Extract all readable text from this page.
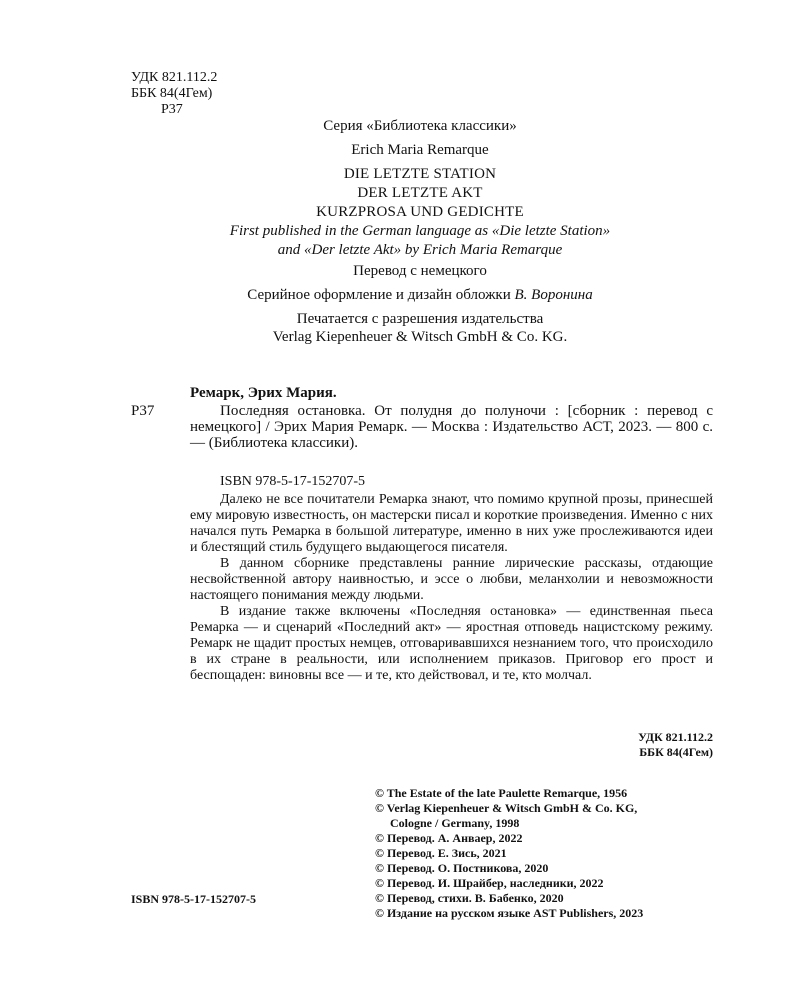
УДК 821.112.2
ББК 84(4Гем)
Р37
Серия «Библиотека классики»
Erich Maria Remarque
DIE LETZTE STATION
DER LETZTE AKT
KURZPROSA UND GEDICHTE
First published in the German language as «Die letzte Station»
and «Der letzte Akt» by Erich Maria Remarque
Перевод с немецкого
Серийное оформление и дизайн обложки В. Воронина
Печатается с разрешения издательства
Verlag Kiepenheuer & Witsch GmbH & Co. KG.
Ремарк, Эрих Мария.
Р37	Последняя остановка. От полудня до полуночи : [сборник : перевод с немецкого] / Эрих Мария Ремарк. — Москва : Издательство АСТ, 2023. — 800 с. — (Библиотека классики).
ISBN 978-5-17-152707-5

Далеко не все почитатели Ремарка знают, что помимо крупной прозы, принесшей ему мировую известность, он мастерски писал и короткие произведения. Именно с них начался путь Ремарка в большой литературе, именно в них уже прослеживаются идеи и блестящий стиль будущего выдающегося писателя.

В данном сборнике представлены ранние лирические рассказы, отдающие несвойственной автору наивностью, и эссе о любви, меланхолии и невозможности настоящего понимания между людьми.

В издание также включены «Последняя остановка» — единственная пьеса Ремарка — и сценарий «Последний акт» — яростная отповедь нацистскому режиму. Ремарк не щадит простых немцев, отговаривавшихся незнанием того, что происходило в их стране в реальности, или исполнением приказов. Приговор его прост и беспощаден: виновны все — и те, кто действовал, и те, кто молчал.

УДК 821.112.2
ББК 84(4Гем)
© The Estate of the late Paulette Remarque, 1956
© Verlag Kiepenheuer & Witsch GmbH & Co. KG,
Cologne / Germany, 1998
© Перевод. А. Анваер, 2022
© Перевод. Е. Зись, 2021
© Перевод. О. Постникова, 2020
© Перевод. И. Шрайбер, наследники, 2022
© Перевод, стихи. В. Бабенко, 2020
© Издание на русском языке AST Publishers, 2023
ISBN 978-5-17-152707-5
